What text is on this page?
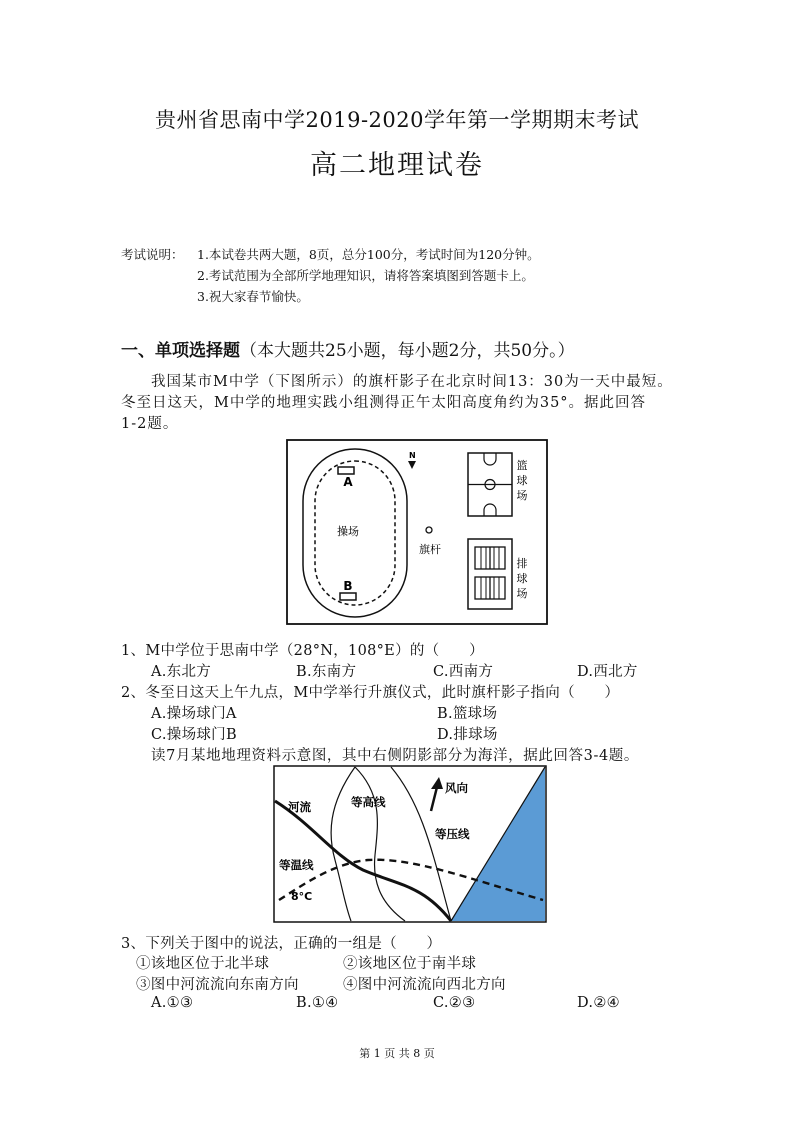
贵州省思南中学2019-2020学年第一学期期末考试
高二地理试卷
考试说明： 1.本试卷共两大题，8页，总分100分，考试时间为120分钟。
2.考试范围为全部所学地理知识，请将答案填图到答题卡上。
3.祝大家春节愉快。
一、单项选择题（本大题共25小题，每小题2分，共50分。）
我国某市M中学（下图所示）的旗杆影子在北京时间13：30为一天中最短。
冬至日这天，M中学的地理实践小组测得正午太阳高度角约为35°。据此回答
1-2题。
A
B
操场
N
旗杆
篮
球
场
排
球
场
1、M中学位于思南中学（28°N，108°E）的（　　）
A.东北方	B.东南方	C.西南方	D.西北方
2、冬至日这天上午九点，M中学举行升旗仪式，此时旗杆影子指向（　　）
A.操场球门A	B.篮球场
C.操场球门B	D.排球场
读7月某地地理资料示意图，其中右侧阴影部分为海洋，据此回答3-4题。
河流	等高线
风向
等压线
等温线
8°C
3、下列关于图中的说法，正确的一组是（　　）
①该地区位于北半球	②该地区位于南半球
③图中河流流向东南方向	④图中河流流向西北方向
A.①③	B.①④	C.②③	D.②④
第 1 页 共 8 页
